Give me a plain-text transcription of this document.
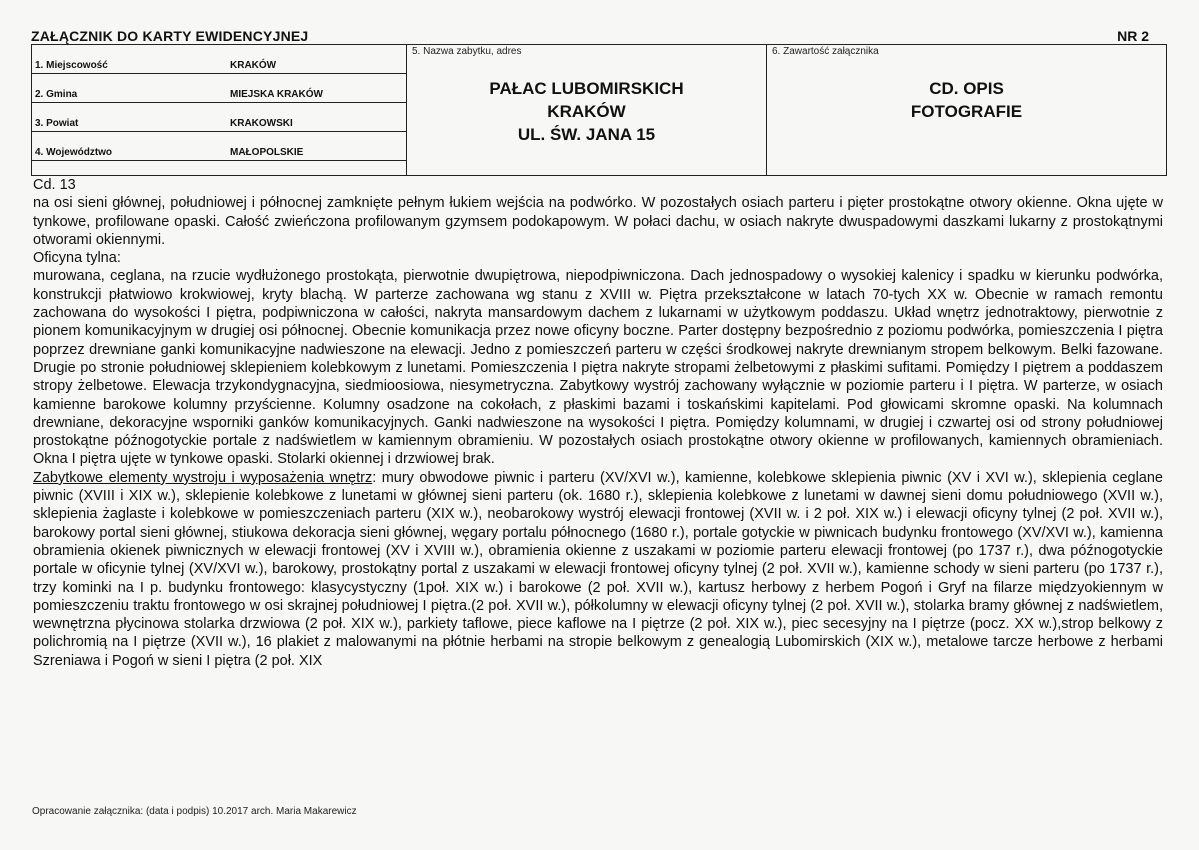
ZAŁĄCZNIK DO KARTY EWIDENCYJNEJ	NR 2
1. Miejscowość	KRAKÓW
2. Gmina	MIEJSKA KRAKÓW
3. Powiat	KRAKOWSKI
4. Województwo	MAŁOPOLSKIE
5. Nazwa zabytku, adres
PAŁAC LUBOMIRSKICH
KRAKÓW
UL. ŚW. JANA 15
6. Zawartość załącznika
CD. OPIS
FOTOGRAFIE

Cd. 13

na osi sieni głównej, południowej i północnej zamknięte pełnym łukiem wejścia na podwórko. W pozostałych osiach parteru i pięter prostokątne otwory okienne. Okna ujęte w tynkowe, profilowane opaski. Całość zwieńczona profilowanym gzymsem podokapowym. W połaci dachu, w osiach nakryte dwuspadowymi daszkami lukarny z prostokątnymi otworami okiennymi.

Oficyna tylna:

murowana, ceglana, na rzucie wydłużonego prostokąta, pierwotnie dwupiętrowa, niepodpiwniczona. Dach jednospadowy o wysokiej kalenicy i spadku w kierunku podwórka, konstrukcji płatwiowo krokwiowej, kryty blachą. W parterze zachowana wg stanu z XVIII w. Piętra przekształcone w latach 70-tych XX w. Obecnie w ramach remontu zachowana do wysokości I piętra, podpiwniczona w całości, nakryta mansardowym dachem z lukarnami w użytkowym poddaszu. Układ wnętrz jednotraktowy, pierwotnie z pionem komunikacyjnym w drugiej osi północnej. Obecnie komunikacja przez nowe oficyny boczne. Parter dostępny bezpośrednio z poziomu podwórka, pomieszczenia I piętra poprzez drewniane ganki komunikacyjne nadwieszone na elewacji. Jedno z pomieszczeń parteru w części środkowej nakryte drewnianym stropem belkowym. Belki fazowane. Drugie po stronie południowej sklepieniem kolebkowym z lunetami. Pomieszczenia I piętra nakryte stropami żelbetowymi z płaskimi sufitami. Pomiędzy I piętrem a poddaszem stropy żelbetowe. Elewacja trzykondygnacyjna, siedmioosiowa, niesymetryczna. Zabytkowy wystrój zachowany wyłącznie w poziomie parteru i I piętra. W parterze, w osiach kamienne barokowe kolumny przyścienne. Kolumny osadzone na cokołach, z płaskimi bazami i toskańskimi kapitelami. Pod głowicami skromne opaski. Na kolumnach drewniane, dekoracyjne wsporniki ganków komunikacyjnych. Ganki nadwieszone na wysokości I piętra. Pomiędzy kolumnami, w drugiej i czwartej osi od strony południowej prostokątne późnogotyckie portale z nadświetlem w kamiennym obramieniu. W pozostałych osiach prostokątne otwory okienne w profilowanych, kamiennych obramieniach. Okna I piętra ujęte w tynkowe opaski. Stolarki okiennej i drzwiowej brak.

Zabytkowe elementy wystroju i wyposażenia wnętrz: mury obwodowe piwnic i parteru (XV/XVI w.), kamienne, kolebkowe sklepienia piwnic (XV i XVI w.), sklepienia ceglane piwnic (XVIII i XIX w.), sklepienie kolebkowe z lunetami w głównej sieni parteru (ok. 1680 r.), sklepienia kolebkowe z lunetami w dawnej sieni domu południowego (XVII w.), sklepienia żaglaste i kolebkowe w pomieszczeniach parteru (XIX w.), neobarokowy wystrój elewacji frontowej (XVII w. i 2 poł. XIX w.) i elewacji oficyny tylnej (2 poł. XVII w.), barokowy portal sieni głównej, stiukowa dekoracja sieni głównej, węgary portalu północnego (1680 r.), portale gotyckie w piwnicach budynku frontowego (XV/XVI w.), kamienna obramienia okienek piwnicznych w elewacji frontowej (XV i XVIII w.), obramienia okienne z uszakami w poziomie parteru elewacji frontowej (po 1737 r.), dwa późnogotyckie portale w oficynie tylnej (XV/XVI w.), barokowy, prostokątny portal z uszakami w elewacji frontowej oficyny tylnej (2 poł. XVII w.), kamienne schody w sieni parteru (po 1737 r.), trzy kominki na I p. budynku frontowego: klasycystyczny (1poł. XIX w.) i barokowe (2 poł. XVII w.), kartusz herbowy z herbem Pogoń i Gryf na filarze międzyokiennym w pomieszczeniu traktu frontowego w osi skrajnej południowej I piętra.(2 poł. XVII w.), półkolumny w elewacji oficyny tylnej (2 poł. XVII w.), stolarka bramy głównej z nadświetlem, wewnętrzna płycinowa stolarka drzwiowa (2 poł. XIX w.), parkiety taflowe, piece kaflowe na I piętrze (2 poł. XIX w.), piec secesyjny na I piętrze (pocz. XX w.),strop belkowy z polichromią na I piętrze (XVII w.), 16 plakiet z malowanymi na płótnie herbami na stropie belkowym z genealogią Lubomirskich (XIX w.), metalowe tarcze herbowe z herbami Szreniawa i Pogoń w sieni I piętra (2 poł. XIX

Opracowanie załącznika: (data i podpis) 10.2017 arch. Maria Makarewicz
